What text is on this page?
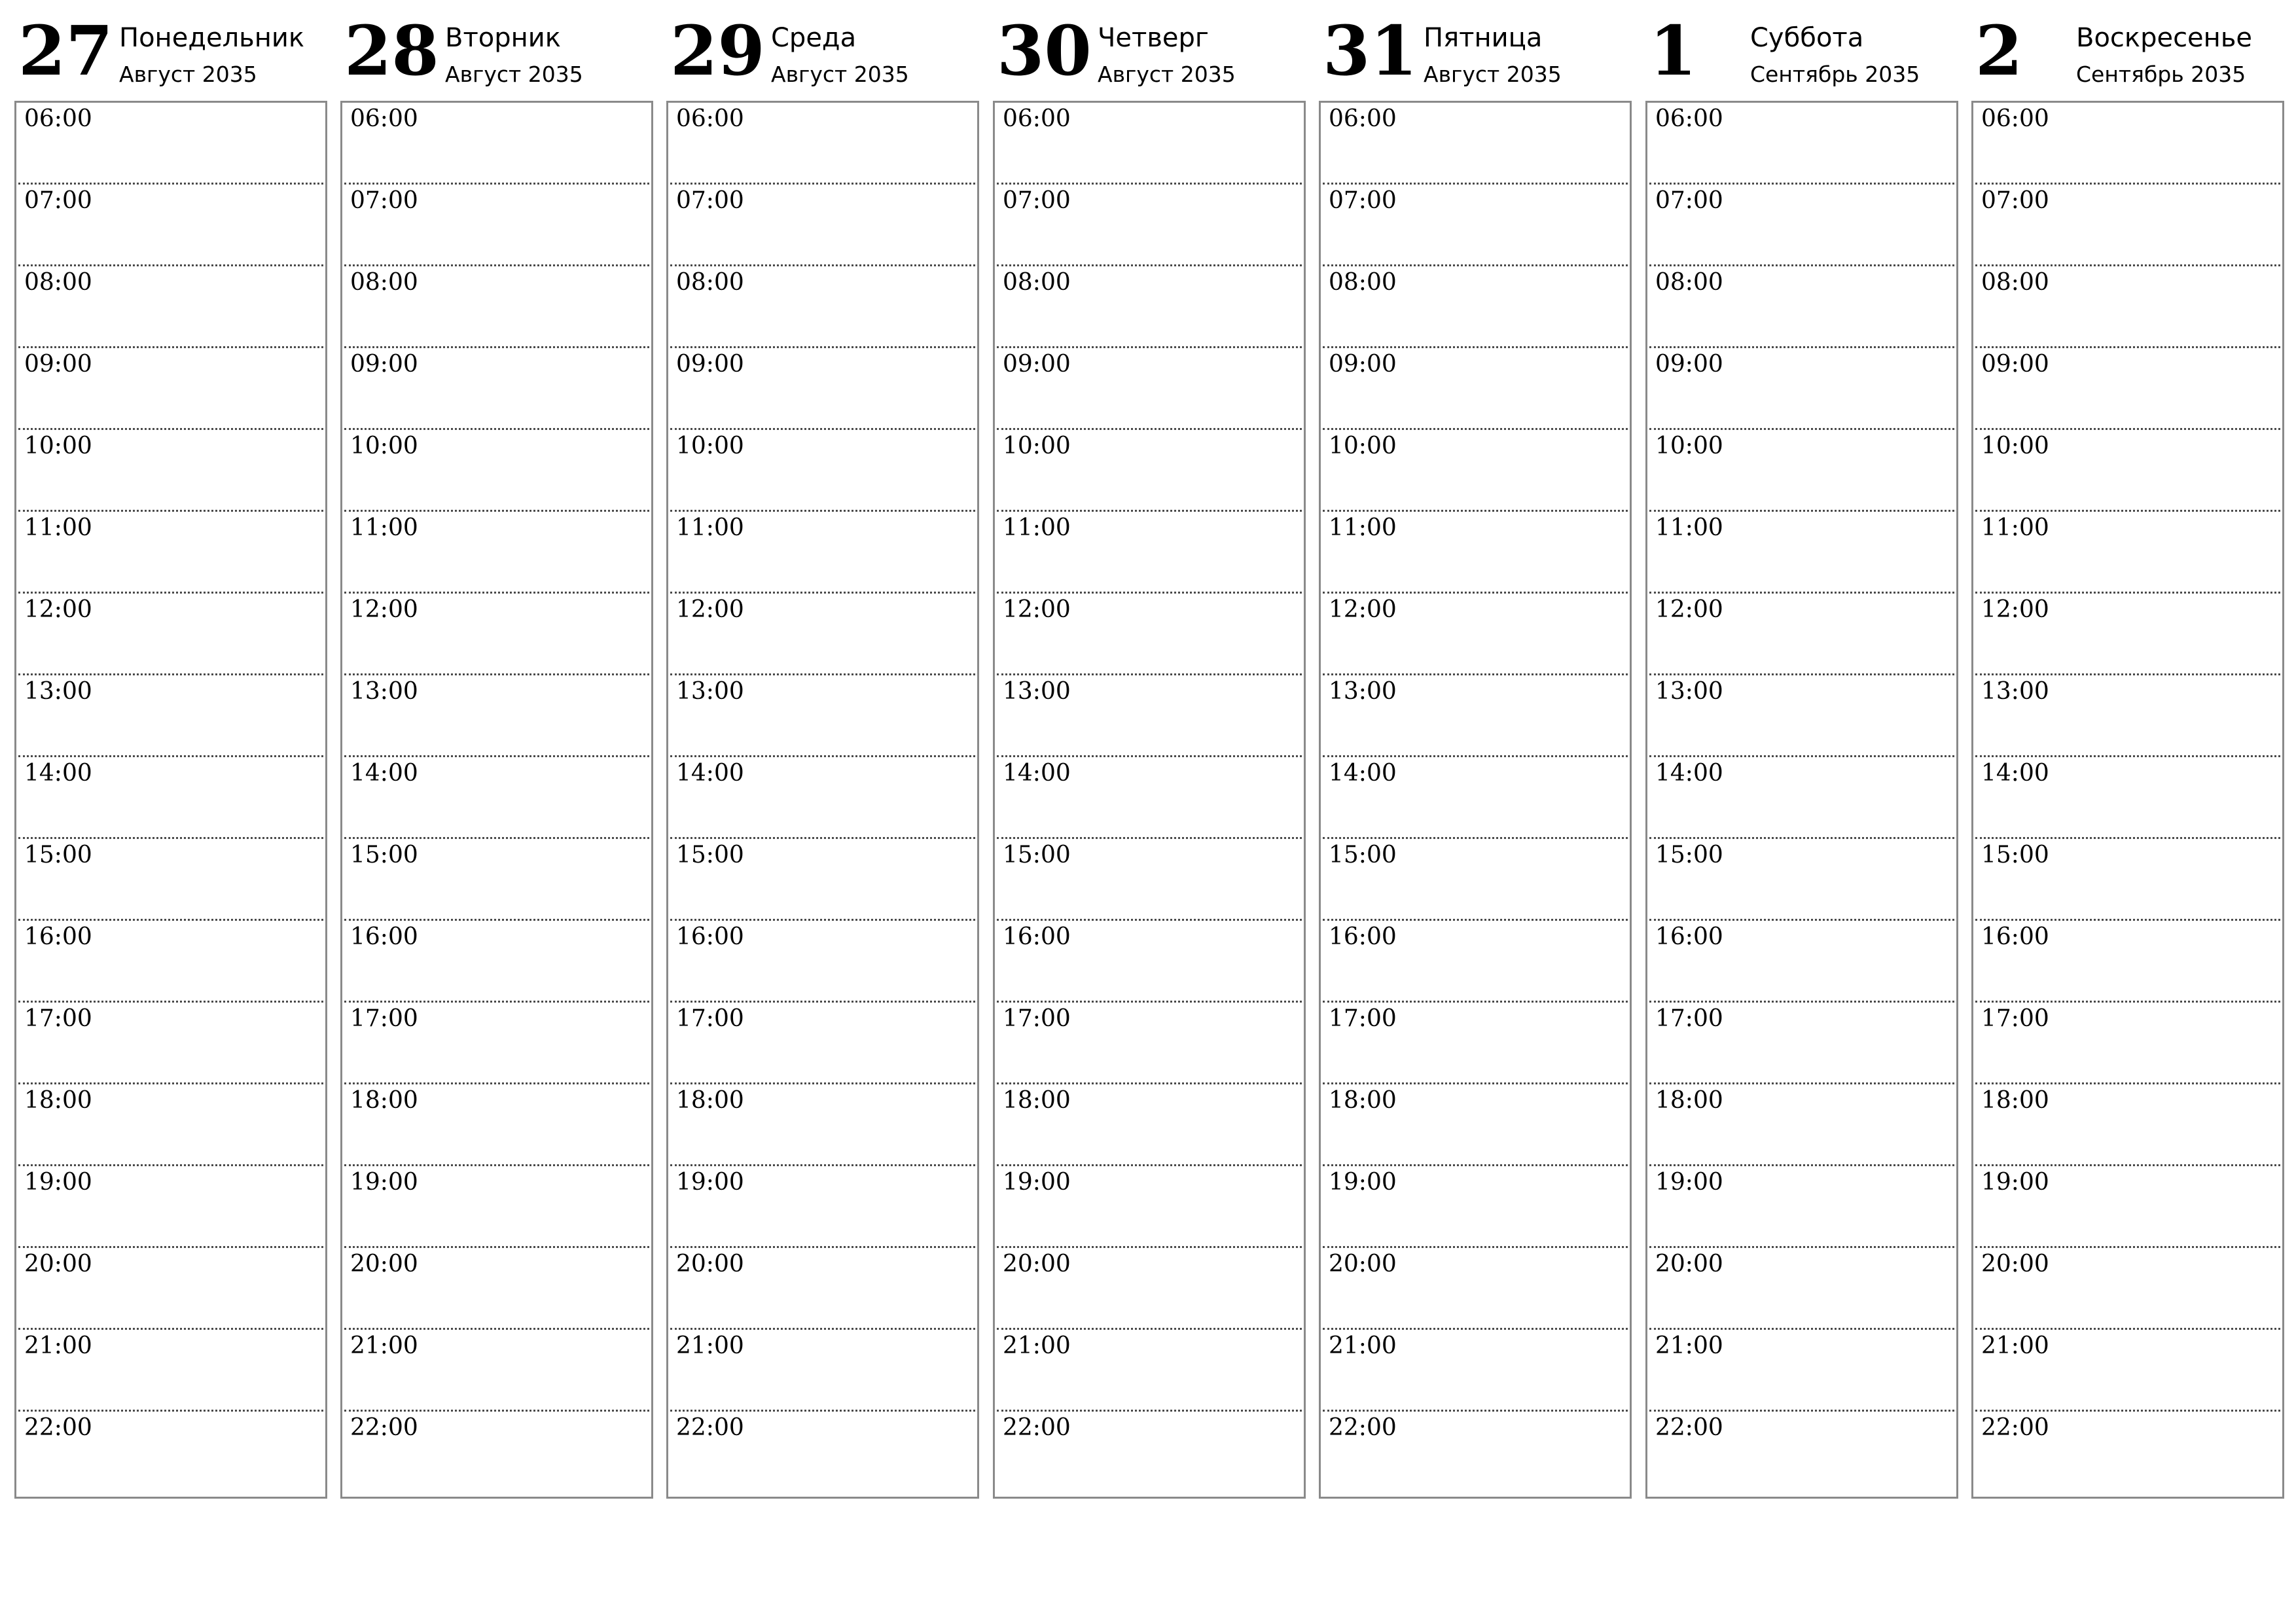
27 Понедельник
Август 2035
06:00
07:00
08:00
09:00
10:00
11:00
12:00
13:00
14:00
15:00
16:00
17:00
18:00
19:00
20:00
21:00
22:00
28 Вторник
Август 2035
06:00
07:00
08:00
09:00
10:00
11:00
12:00
13:00
14:00
15:00
16:00
17:00
18:00
19:00
20:00
21:00
22:00
29 Среда
Август 2035
06:00
07:00
08:00
09:00
10:00
11:00
12:00
13:00
14:00
15:00
16:00
17:00
18:00
19:00
20:00
21:00
22:00
30 Четверг
Август 2035
06:00
07:00
08:00
09:00
10:00
11:00
12:00
13:00
14:00
15:00
16:00
17:00
18:00
19:00
20:00
21:00
22:00
31 Пятница
Август 2035
06:00
07:00
08:00
09:00
10:00
11:00
12:00
13:00
14:00
15:00
16:00
17:00
18:00
19:00
20:00
21:00
22:00
1 Суббота
Сентябрь 2035
06:00
07:00
08:00
09:00
10:00
11:00
12:00
13:00
14:00
15:00
16:00
17:00
18:00
19:00
20:00
21:00
22:00
2 Воскресенье
Сентябрь 2035
06:00
07:00
08:00
09:00
10:00
11:00
12:00
13:00
14:00
15:00
16:00
17:00
18:00
19:00
20:00
21:00
22:00
